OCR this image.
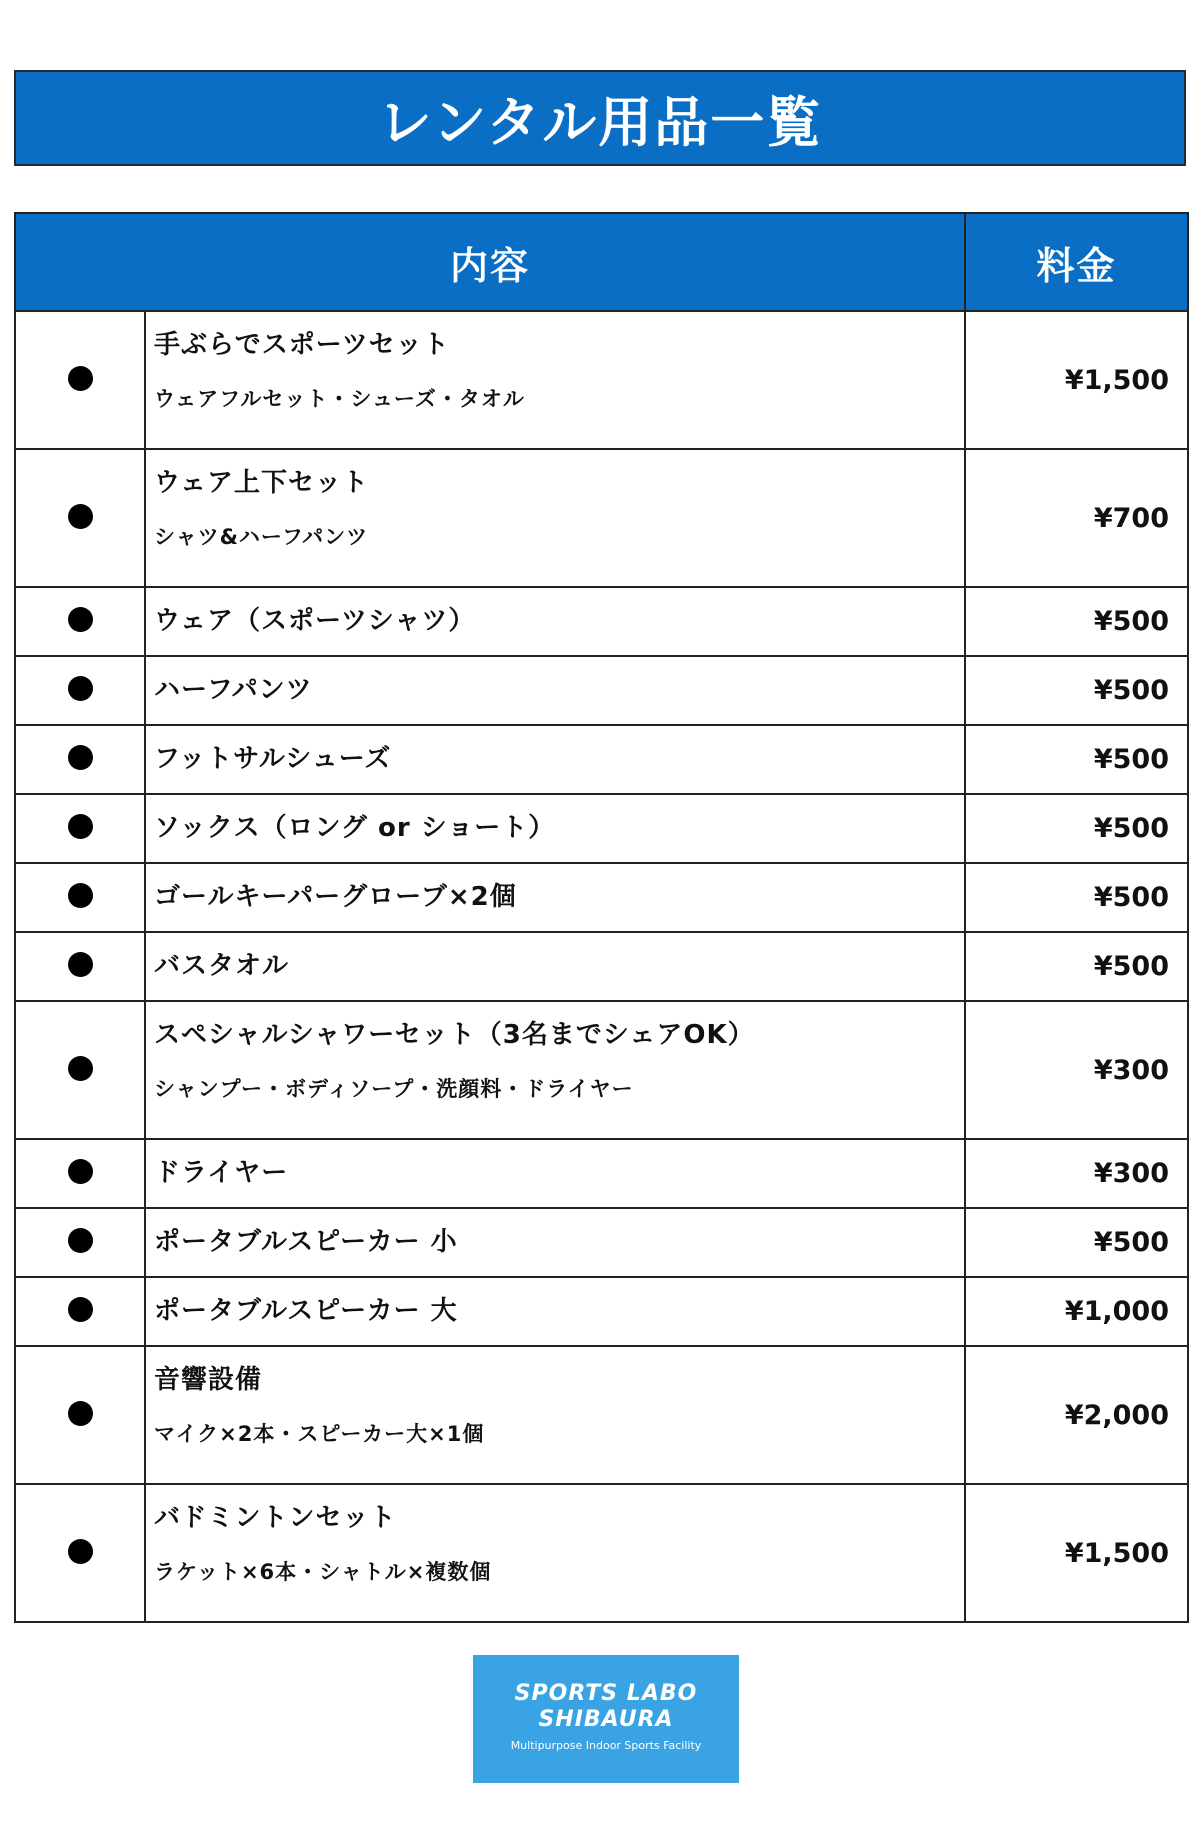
レンタル用品一覧
内容		料金

	手ぶらでスポーツセット
ウェアフルセット・シューズ・タオル	¥1,500

	ウェア上下セット
シャツ&ハーフパンツ	¥700

	ウェア（スポーツシャツ）	¥500

	ハーフパンツ	¥500

	フットサルシューズ	¥500

	ソックス（ロング or ショート）	¥500

	ゴールキーパーグローブ×2個	¥500

	バスタオル	¥500

	スペシャルシャワーセット（3名までシェアOK）
シャンプー・ボディソープ・洗顔料・ドライヤー	¥300

	ドライヤー	¥300

	ポータブルスピーカー 小	¥500

	ポータブルスピーカー 大	¥1,000

	音響設備
マイク×2本・スピーカー大×1個	¥2,000

	バドミントンセット
ラケット×6本・シャトル×複数個	¥1,500
SPORTS LABO
SHIBAURA
Multipurpose Indoor Sports Facility
